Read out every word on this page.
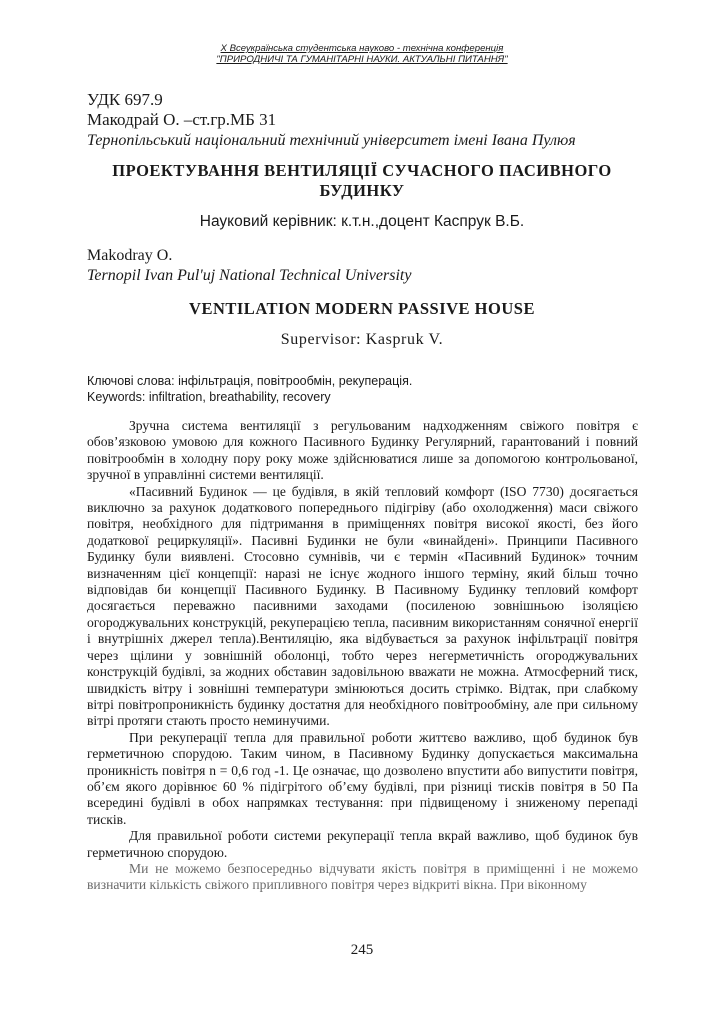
X Всеукраїнська студентська науково - технічна конференція
"ПРИРОДНИЧІ ТА ГУМАНІТАРНІ НАУКИ. АКТУАЛЬНІ ПИТАННЯ"
УДК 697.9
Макодрай О. –ст.гр.МБ 31
Тернопільський національний технічний університет імені Івана Пулюя
ПРОЕКТУВАННЯ ВЕНТИЛЯЦІЇ СУЧАСНОГО ПАСИВНОГО БУДИНКУ
Науковий керівник: к.т.н.,доцент Каспрук В.Б.
Makodray O.
Ternopil Ivan Pul'uj National Technical University
VENTILATION MODERN PASSIVE HOUSE
Supervisor: Kaspruk V.
Ключові слова: інфільтрація, повітрообмін, рекуперація.
Keywords: infiltration, breathability, recovery

Зручна система вентиляції з регульованим надходженням свіжого повітря є обов’язковою умовою для кожного Пасивного Будинку Регулярний, гарантований і повний повітрообмін в холодну пору року може здійснюватися лише за допомогою контрольованої, зручної в управлінні системи вентиляції.

«Пасивний Будинок — це будівля, в якій тепловий комфорт (ISO 7730) досягається виключно за рахунок додаткового попереднього підігріву (або охолодження) маси свіжого повітря, необхідного для підтримання в приміщеннях повітря високої якості, без його додаткової рециркуляції». Пасивні Будинки не були «винайдені». Принципи Пасивного Будинку були виявлені. Стосовно сумнівів, чи є термін «Пасивний Будинок» точним визначенням цієї концепції: наразі не існує жодного іншого терміну, який більш точно відповідав би концепції Пасивного Будинку. В Пасивному Будинку тепловий комфорт досягається переважно пасивними заходами (посиленою зовнішньою ізоляцією огороджувальних конструкцій, рекуперацією тепла, пасивним використанням сонячної енергії і внутрішніх джерел тепла).Вентиляцію, яка відбувається за рахунок інфільтрації повітря через щілини у зовнішній оболонці, тобто через негерметичність огороджувальних конструкцій будівлі, за жодних обставин задовільною вважати не можна. Атмосферний тиск, швидкість вітру і зовнішні температури змінюються досить стрімко. Відтак, при слабкому вітрі повітропроникність будинку достатня для необхідного повітрообміну, але при сильному вітрі протяги стають просто неминучими.

При рекуперації тепла для правильної роботи життєво важливо, щоб будинок був герметичною спорудою. Таким чином, в Пасивному Будинку допускається максимальна проникність повітря n = 0,6 год -1. Це означає, що дозволено впустити або випустити повітря, об’єм якого дорівнює 60 % підігрітого об’єму будівлі, при різниці тисків повітря в 50 Па всередині будівлі в обох напрямках тестування: при підвищеному і зниженому перепаді тисків.

Для правильної роботи системи рекуперації тепла вкрай важливо, щоб будинок був герметичною спорудою.

Ми не можемо безпосередньо відчувати якість повітря в приміщенні і не можемо визначити кількість свіжого припливного повітря через відкриті вікна. При віконному

245
